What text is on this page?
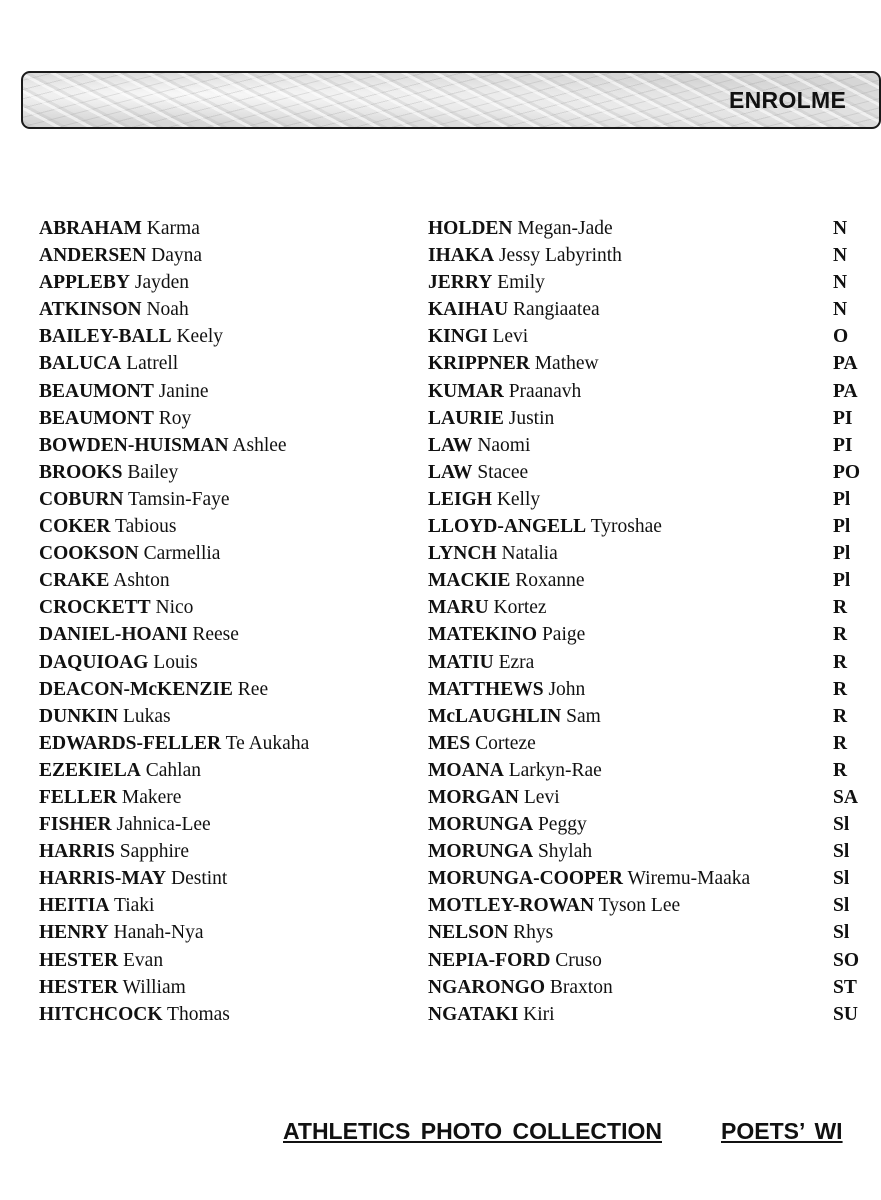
ENROLME
ABRAHAM Karma
ANDERSEN Dayna
APPLEBY Jayden
ATKINSON Noah
BAILEY-BALL Keely
BALUCA Latrell
BEAUMONT Janine
BEAUMONT Roy
BOWDEN-HUISMAN Ashlee
BROOKS Bailey
COBURN Tamsin-Faye
COKER Tabious
COOKSON Carmellia
CRAKE Ashton
CROCKETT Nico
DANIEL-HOANI Reese
DAQUIOAG Louis
DEACON-McKENZIE Ree
DUNKIN Lukas
EDWARDS-FELLER Te Aukaha
EZEKIELA Cahlan
FELLER Makere
FISHER Jahnica-Lee
HARRIS Sapphire
HARRIS-MAY Destint
HEITIA Tiaki
HENRY Hanah-Nya
HESTER Evan
HESTER William
HITCHCOCK Thomas
HOLDEN Megan-Jade
IHAKA Jessy Labyrinth
JERRY Emily
KAIHAU Rangiaatea
KINGI Levi
KRIPPNER Mathew
KUMAR Praanavh
LAURIE Justin
LAW Naomi
LAW Stacee
LEIGH Kelly
LLOYD-ANGELL Tyroshae
LYNCH Natalia
MACKIE Roxanne
MARU Kortez
MATEKINO Paige
MATIU Ezra
MATTHEWS John
McLAUGHLIN Sam
MES Corteze
MOANA Larkyn-Rae
MORGAN Levi
MORUNGA Peggy
MORUNGA Shylah
MORUNGA-COOPER Wiremu-Maaka
MOTLEY-ROWAN Tyson Lee
NELSON Rhys
NEPIA-FORD Cruso
NGARONGO Braxton
NGATAKI Kiri
N
N
N
N
O
PA
PA
PI
PI
PO
Pl
Pl
Pl
Pl
R
R
R
R
R
R
R
SA
Sl
Sl
Sl
Sl
Sl
SO
ST
SU
ATHLETICS PHOTO COLLECTION	POETS’ WI
